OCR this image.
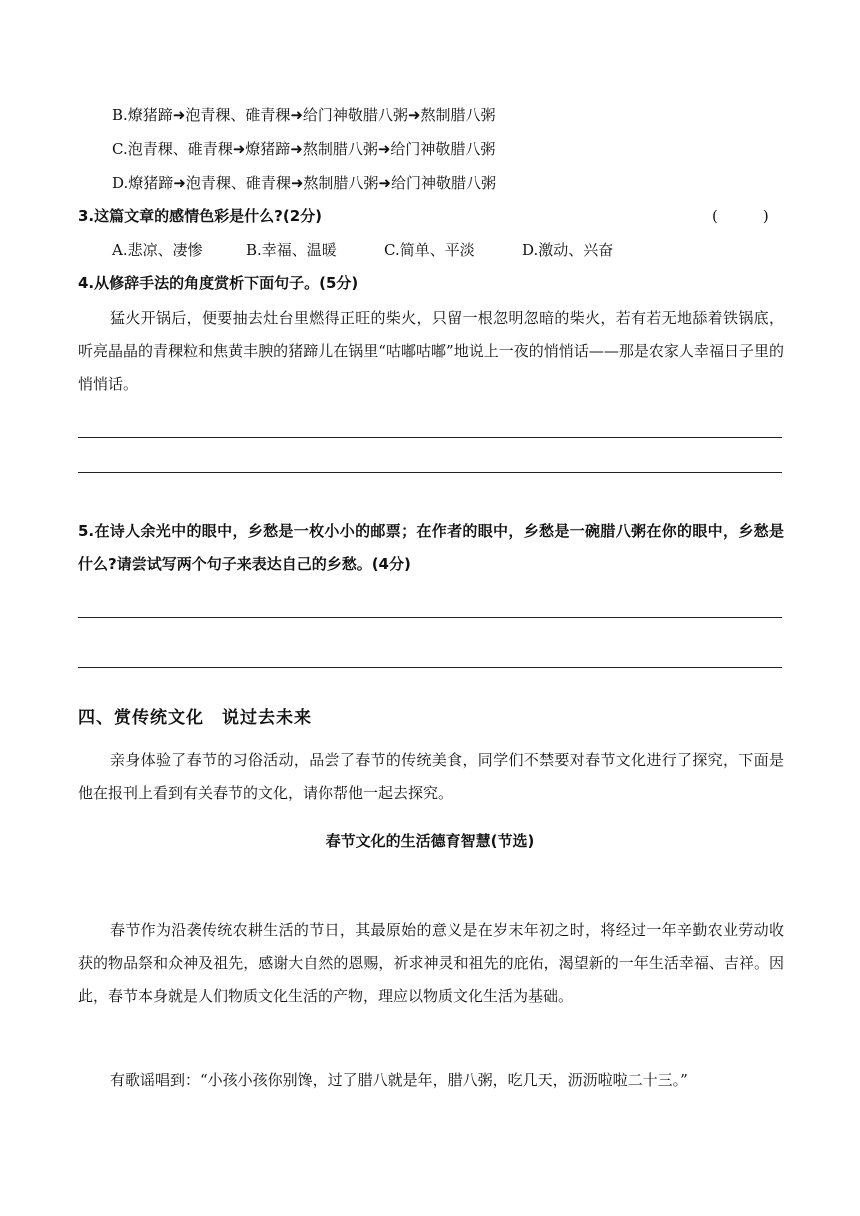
B.燎猪蹄➜泡青稞、碓青稞➜给门神敬腊八粥➜熬制腊八粥
C.泡青稞、碓青稞➜燎猪蹄➜熬制腊八粥➜给门神敬腊八粥
D.燎猪蹄➜泡青稞、碓青稞➜熬制腊八粥➜给门神敬腊八粥
3.这篇文章的感情色彩是什么?(2分)	(　　　)
A.悲凉、凄惨	B.幸福、温暖	C.简单、平淡	D.激动、兴奋
4.从修辞手法的角度赏析下面句子。(5分)
猛火开锅后，便要抽去灶台里燃得正旺的柴火，只留一根忽明忽暗的柴火，若有若无地舔着铁锅底，听亮晶晶的青稞粒和焦黄丰腴的猪蹄儿在锅里“咕嘟咕嘟”地说上一夜的悄悄话——那是农家人幸福日子里的悄悄话。
5.在诗人余光中的眼中，乡愁是一枚小小的邮票；在作者的眼中，乡愁是一碗腊八粥在你的眼中，乡愁是什么?请尝试写两个句子来表达自己的乡愁。(4分)
四、赏传统文化　说过去未来
亲身体验了春节的习俗活动，品尝了春节的传统美食，同学们不禁要对春节文化进行了探究，下面是他在报刊上看到有关春节的文化，请你帮他一起去探究。
春节文化的生活德育智慧(节选)
春节作为沿袭传统农耕生活的节日，其最原始的意义是在岁末年初之时，将经过一年辛勤农业劳动收获的物品祭和众神及祖先，感谢大自然的恩赐，祈求神灵和祖先的庇佑，渴望新的一年生活幸福、吉祥。因此，春节本身就是人们物质文化生活的产物，理应以物质文化生活为基础。
有歌谣唱到：“小孩小孩你别馋，过了腊八就是年，腊八粥，吃几天，沥沥啦啦二十三。”
